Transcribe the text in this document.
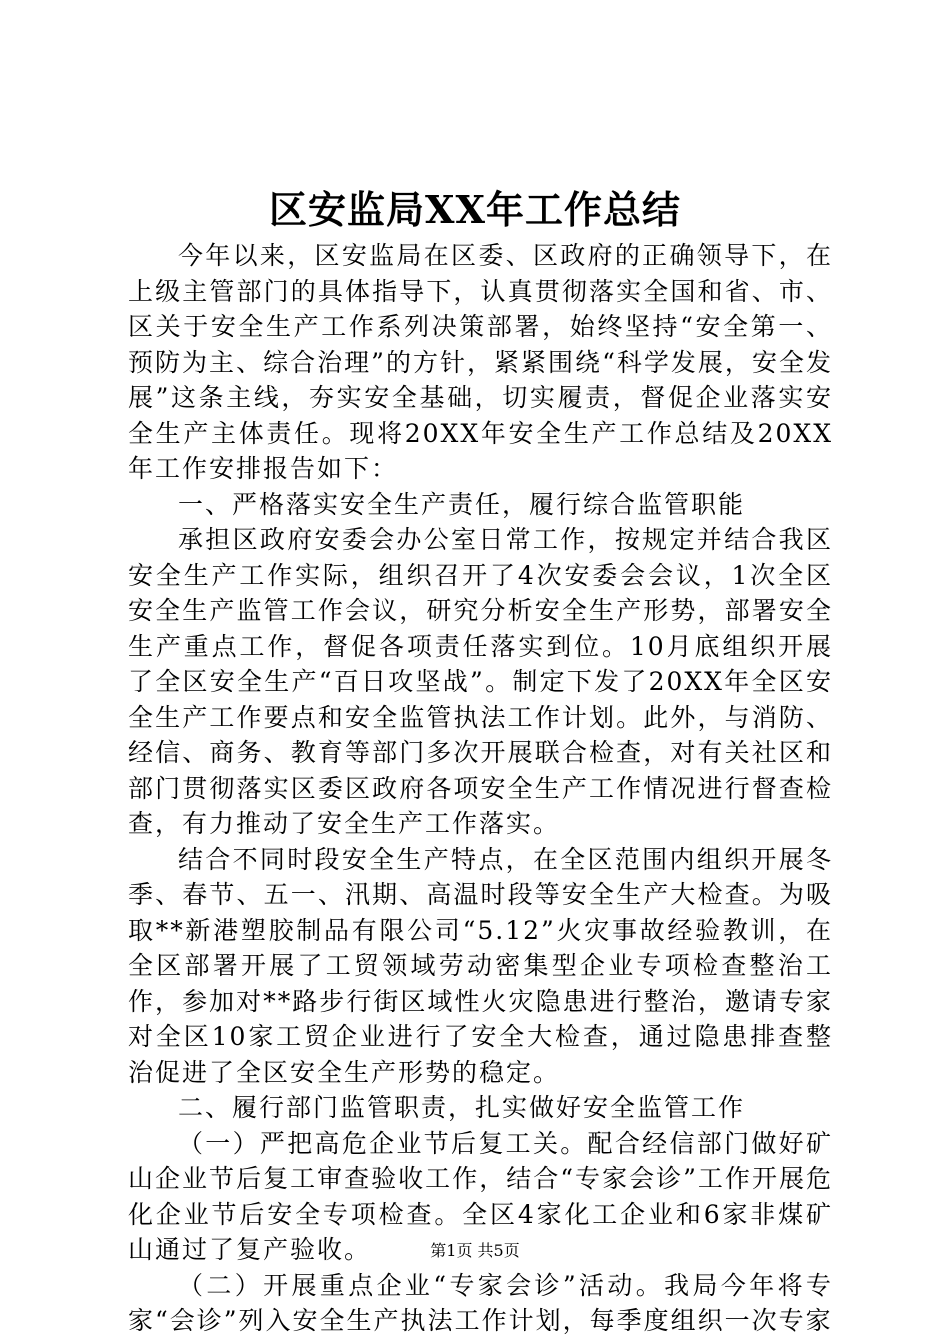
区安监局XX年工作总结

今年以来，区安监局在区委、区政府的正确领导下，在上级主管部门的具体指导下，认真贯彻落实全国和省、市、区关于安全生产工作系列决策部署，始终坚持“安全第一、预防为主、综合治理”的方针，紧紧围绕“科学发展，安全发展”这条主线，夯实安全基础，切实履责，督促企业落实安全生产主体责任。现将20XX年安全生产工作总结及20XX年工作安排报告如下：

一、严格落实安全生产责任，履行综合监管职能

承担区政府安委会办公室日常工作，按规定并结合我区安全生产工作实际，组织召开了4次安委会会议，1次全区安全生产监管工作会议，研究分析安全生产形势，部署安全生产重点工作，督促各项责任落实到位。10月底组织开展了全区安全生产“百日攻坚战”。制定下发了20XX年全区安全生产工作要点和安全监管执法工作计划。此外，与消防、经信、商务、教育等部门多次开展联合检查，对有关社区和部门贯彻落实区委区政府各项安全生产工作情况进行督查检查，有力推动了安全生产工作落实。

结合不同时段安全生产特点，在全区范围内组织开展冬季、春节、五一、汛期、高温时段等安全生产大检查。为吸取**新港塑胶制品有限公司“5.12”火灾事故经验教训，在全区部署开展了工贸领域劳动密集型企业专项检查整治工作，参加对**路步行街区域性火灾隐患进行整治，邀请专家对全区10家工贸企业进行了安全大检查，通过隐患排查整治促进了全区安全生产形势的稳定。

二、履行部门监管职责，扎实做好安全监管工作

（一）严把高危企业节后复工关。配合经信部门做好矿山企业节后复工审查验收工作，结合“专家会诊”工作开展危化企业节后安全专项检查。全区4家化工企业和6家非煤矿山通过了复产验收。

（二）开展重点企业“专家会诊”活动。我局今年将专家“会诊”列入安全生产执法工作计划，每季度组织一次专家

第1页 共5页
